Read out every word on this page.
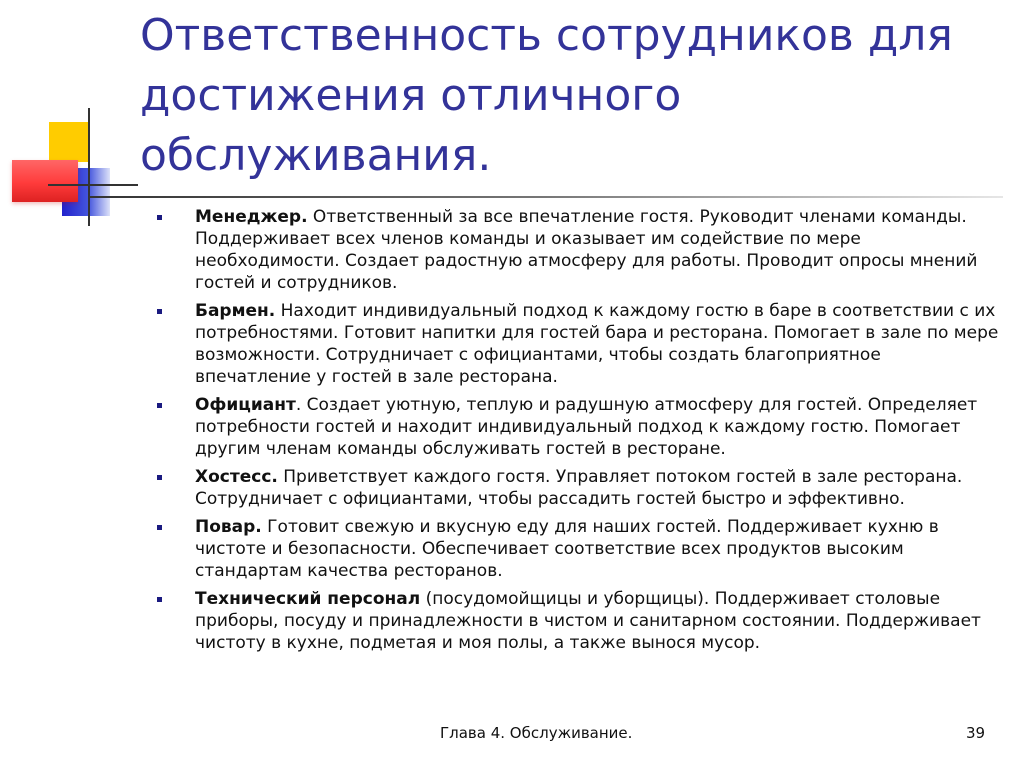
Ответственность сотрудников для достижения отличного обслуживания.
Менеджер. Ответственный за все впечатление гостя. Руководит членами команды. Поддерживает всех членов команды и оказывает им содействие по мере необходимости. Создает радостную атмосферу для работы. Проводит опросы мнений гостей и сотрудников.
Бармен. Находит индивидуальный подход к каждому гостю в баре в соответствии с их потребностями. Готовит напитки для гостей бара и ресторана. Помогает в зале по мере возможности. Сотрудничает с официантами, чтобы создать благоприятное впечатление у гостей в зале ресторана.
Официант. Создает уютную, теплую и радушную атмосферу для гостей. Определяет потребности гостей и находит индивидуальный подход к каждому гостю. Помогает другим членам команды обслуживать гостей в ресторане.
Хостесс. Приветствует каждого гостя. Управляет потоком гостей в зале ресторана. Сотрудничает с официантами, чтобы рассадить гостей быстро и эффективно.
Повар. Готовит свежую и вкусную еду для наших гостей. Поддерживает кухню в чистоте и безопасности. Обеспечивает соответствие всех продуктов высоким стандартам качества ресторанов.
Технический персонал (посудомойщицы и уборщицы). Поддерживает столовые приборы, посуду и принадлежности в чистом и санитарном состоянии. Поддерживает чистоту в кухне, подметая и моя полы, а также вынося мусор.
Глава 4. Обслуживание.	39
